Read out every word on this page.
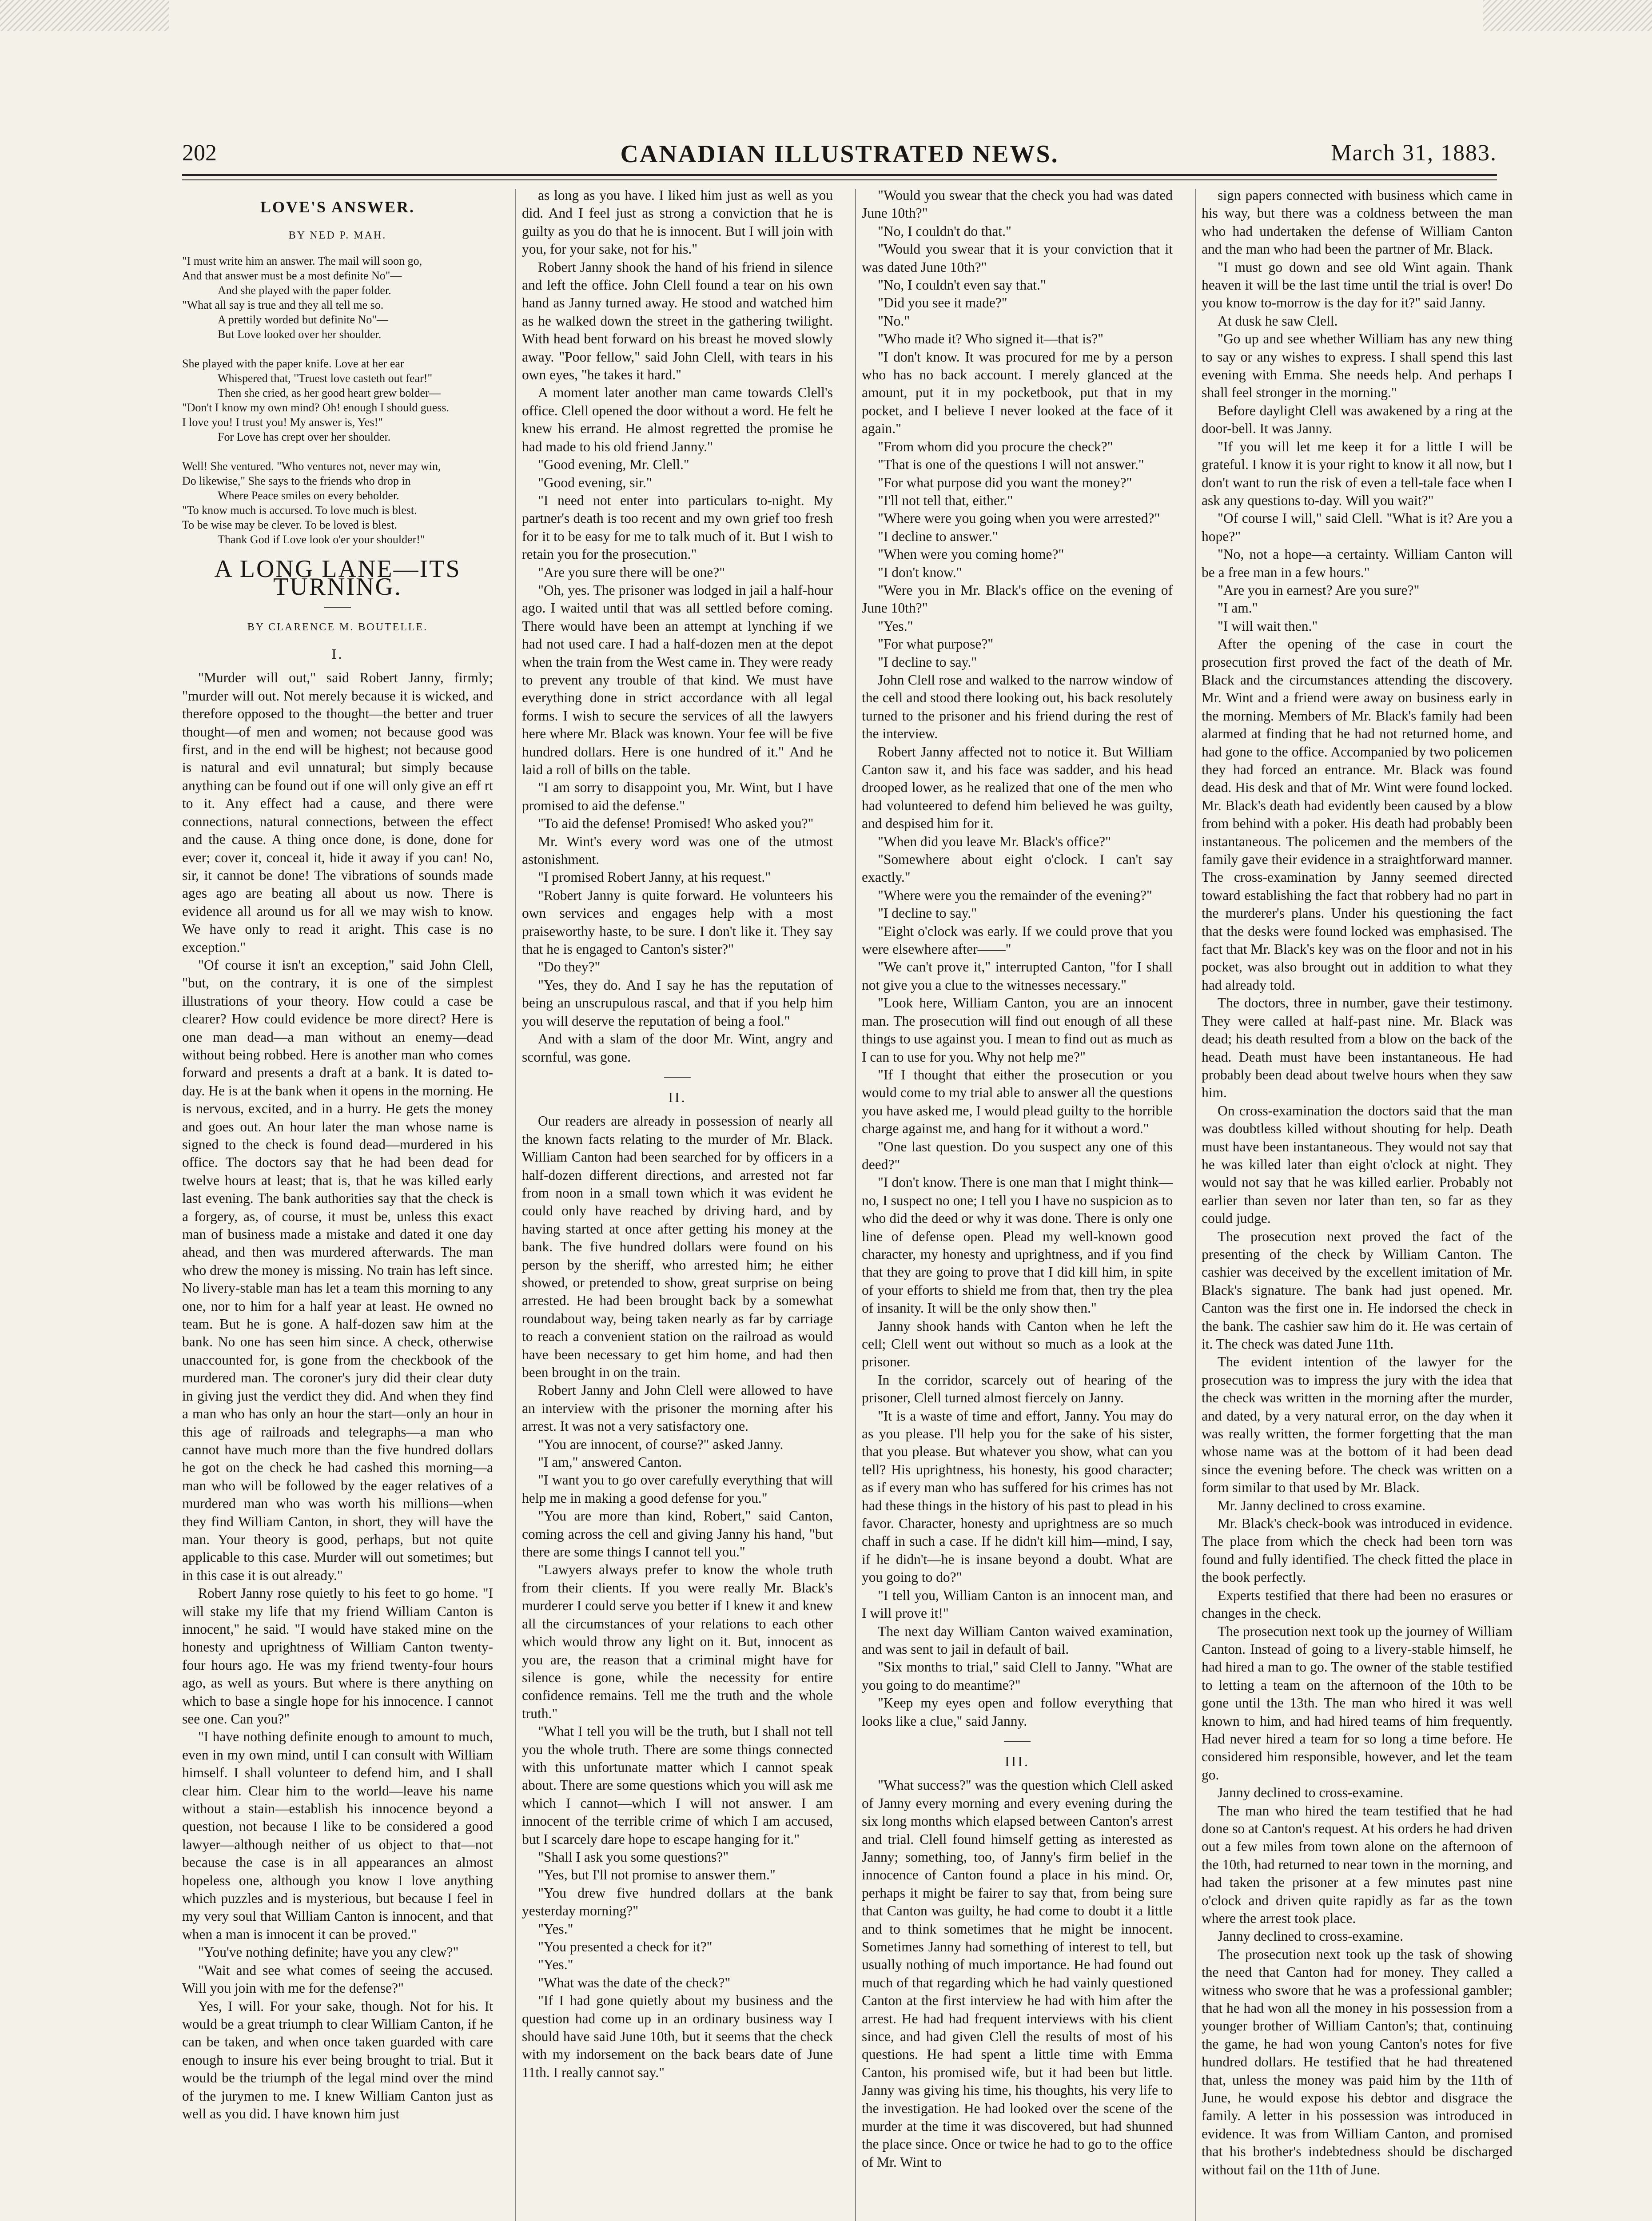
202	CANADIAN ILLUSTRATED NEWS.	March 31, 1883.
LOVE'S ANSWER.
BY NED P. MAH.
"I must write him an answer. The mail will soon go,
And that answer must be a most definite No"—
And she played with the paper folder.
"What all say is true and they all tell me so.
A prettily worded but definite No"—
But Love looked over her shoulder.

She played with the paper knife. Love at her ear
Whispered that, "Truest love casteth out fear!"
Then she cried, as her good heart grew bolder—
"Don't I know my own mind? Oh! enough I should guess.
I love you! I trust you! My answer is, Yes!"
For Love has crept over her shoulder.

Well! She ventured. "Who ventures not, never may win,
Do likewise," She says to the friends who drop in
Where Peace smiles on every beholder.
"To know much is accursed. To love much is blest.
To be wise may be clever. To be loved is blest.
Thank God if Love look o'er your shoulder!"
A LONG LANE—ITS TURNING.
BY CLARENCE M. BOUTELLE.
I.

"Murder will out," said Robert Janny, firmly; "murder will out. Not merely because it is wicked, and therefore opposed to the thought—the better and truer thought—of men and women; not because good was first, and in the end will be highest; not because good is natural and evil unnatural; but simply because anything can be found out if one will only give an eff rt to it. Any effect had a cause, and there were connections, natural connections, between the effect and the cause. A thing once done, is done, done for ever; cover it, conceal it, hide it away if you can! No, sir, it cannot be done! The vibrations of sounds made ages ago are beating all about us now. There is evidence all around us for all we may wish to know. We have only to read it aright. This case is no exception."

"Of course it isn't an exception," said John Clell, "but, on the contrary, it is one of the simplest illustrations of your theory. How could a case be clearer? How could evidence be more direct? Here is one man dead—a man without an enemy—dead without being robbed. Here is another man who comes forward and presents a draft at a bank. It is dated to-day. He is at the bank when it opens in the morning. He is nervous, excited, and in a hurry. He gets the money and goes out. An hour later the man whose name is signed to the check is found dead—murdered in his office. The doctors say that he had been dead for twelve hours at least; that is, that he was killed early last evening. The bank authorities say that the check is a forgery, as, of course, it must be, unless this exact man of business made a mistake and dated it one day ahead, and then was murdered afterwards. The man who drew the money is missing. No train has left since. No livery-stable man has let a team this morning to any one, nor to him for a half year at least. He owned no team. But he is gone. A half-dozen saw him at the bank. No one has seen him since. A check, otherwise unaccounted for, is gone from the checkbook of the murdered man. The coroner's jury did their clear duty in giving just the verdict they did. And when they find a man who has only an hour the start—only an hour in this age of railroads and telegraphs—a man who cannot have much more than the five hundred dollars he got on the check he had cashed this morning—a man who will be followed by the eager relatives of a murdered man who was worth his millions—when they find William Canton, in short, they will have the man. Your theory is good, perhaps, but not quite applicable to this case. Murder will out sometimes; but in this case it is out already."

Robert Janny rose quietly to his feet to go home. "I will stake my life that my friend William Canton is innocent," he said. "I would have staked mine on the honesty and uprightness of William Canton twenty-four hours ago. He was my friend twenty-four hours ago, as well as yours. But where is there anything on which to base a single hope for his innocence. I cannot see one. Can you?"

"I have nothing definite enough to amount to much, even in my own mind, until I can consult with William himself. I shall volunteer to defend him, and I shall clear him. Clear him to the world—leave his name without a stain—establish his innocence beyond a question, not because I like to be considered a good lawyer—although neither of us object to that—not because the case is in all appearances an almost hopeless one, although you know I love anything which puzzles and is mysterious, but because I feel in my very soul that William Canton is innocent, and that when a man is innocent it can be proved."

"You've nothing definite; have you any clew?"

"Wait and see what comes of seeing the accused. Will you join with me for the defense?"

Yes, I will. For your sake, though. Not for his. It would be a great triumph to clear William Canton, if he can be taken, and when once taken guarded with care enough to insure his ever being brought to trial. But it would be the triumph of the legal mind over the mind of the jurymen to me. I knew William Canton just as well as you did. I have known him just

as long as you have. I liked him just as well as you did. And I feel just as strong a conviction that he is guilty as you do that he is innocent. But I will join with you, for your sake, not for his."

Robert Janny shook the hand of his friend in silence and left the office. John Clell found a tear on his own hand as Janny turned away. He stood and watched him as he walked down the street in the gathering twilight. With head bent forward on his breast he moved slowly away. "Poor fellow," said John Clell, with tears in his own eyes, "he takes it hard."

A moment later another man came towards Clell's office. Clell opened the door without a word. He felt he knew his errand. He almost regretted the promise he had made to his old friend Janny."

"Good evening, Mr. Clell."

"Good evening, sir."

"I need not enter into particulars to-night. My partner's death is too recent and my own grief too fresh for it to be easy for me to talk much of it. But I wish to retain you for the prosecution."

"Are you sure there will be one?"

"Oh, yes. The prisoner was lodged in jail a half-hour ago. I waited until that was all settled before coming. There would have been an attempt at lynching if we had not used care. I had a half-dozen men at the depot when the train from the West came in. They were ready to prevent any trouble of that kind. We must have everything done in strict accordance with all legal forms. I wish to secure the services of all the lawyers here where Mr. Black was known. Your fee will be five hundred dollars. Here is one hundred of it." And he laid a roll of bills on the table.

"I am sorry to disappoint you, Mr. Wint, but I have promised to aid the defense."

"To aid the defense! Promised! Who asked you?"

Mr. Wint's every word was one of the utmost astonishment.

"I promised Robert Janny, at his request."

"Robert Janny is quite forward. He volunteers his own services and engages help with a most praiseworthy haste, to be sure. I don't like it. They say that he is engaged to Canton's sister?"

"Do they?"

"Yes, they do. And I say he has the reputation of being an unscrupulous rascal, and that if you help him you will deserve the reputation of being a fool."

And with a slam of the door Mr. Wint, angry and scornful, was gone.

II.

Our readers are already in possession of nearly all the known facts relating to the murder of Mr. Black. William Canton had been searched for by officers in a half-dozen different directions, and arrested not far from noon in a small town which it was evident he could only have reached by driving hard, and by having started at once after getting his money at the bank. The five hundred dollars were found on his person by the sheriff, who arrested him; he either showed, or pretended to show, great surprise on being arrested. He had been brought back by a somewhat roundabout way, being taken nearly as far by carriage to reach a convenient station on the railroad as would have been necessary to get him home, and had then been brought in on the train.

Robert Janny and John Clell were allowed to have an interview with the prisoner the morning after his arrest. It was not a very satisfactory one.

"You are innocent, of course?" asked Janny.

"I am," answered Canton.

"I want you to go over carefully everything that will help me in making a good defense for you."

"You are more than kind, Robert," said Canton, coming across the cell and giving Janny his hand, "but there are some things I cannot tell you."

"Lawyers always prefer to know the whole truth from their clients. If you were really Mr. Black's murderer I could serve you better if I knew it and knew all the circumstances of your relations to each other which would throw any light on it. But, innocent as you are, the reason that a criminal might have for silence is gone, while the necessity for entire confidence remains. Tell me the truth and the whole truth."

"What I tell you will be the truth, but I shall not tell you the whole truth. There are some things connected with this unfortunate matter which I cannot speak about. There are some questions which you will ask me which I cannot—which I will not answer. I am innocent of the terrible crime of which I am accused, but I scarcely dare hope to escape hanging for it."

"Shall I ask you some questions?"

"Yes, but I'll not promise to answer them."

"You drew five hundred dollars at the bank yesterday morning?"

"Yes."

"You presented a check for it?"

"Yes."

"What was the date of the check?"

"If I had gone quietly about my business and the question had come up in an ordinary business way I should have said June 10th, but it seems that the check with my indorsement on the back bears date of June 11th. I really cannot say."

"Would you swear that the check you had was dated June 10th?"

"No, I couldn't do that."

"Would you swear that it is your conviction that it was dated June 10th?"

"No, I couldn't even say that."

"Did you see it made?"

"No."

"Who made it? Who signed it—that is?"

"I don't know. It was procured for me by a person who has no back account. I merely glanced at the amount, put it in my pocketbook, put that in my pocket, and I believe I never looked at the face of it again."

"From whom did you procure the check?"

"That is one of the questions I will not answer."

"For what purpose did you want the money?"

"I'll not tell that, either."

"Where were you going when you were arrested?"

"I decline to answer."

"When were you coming home?"

"I don't know."

"Were you in Mr. Black's office on the evening of June 10th?"

"Yes."

"For what purpose?"

"I decline to say."

John Clell rose and walked to the narrow window of the cell and stood there looking out, his back resolutely turned to the prisoner and his friend during the rest of the interview.

Robert Janny affected not to notice it. But William Canton saw it, and his face was sadder, and his head drooped lower, as he realized that one of the men who had volunteered to defend him believed he was guilty, and despised him for it.

"When did you leave Mr. Black's office?"

"Somewhere about eight o'clock. I can't say exactly."

"Where were you the remainder of the evening?"

"I decline to say."

"Eight o'clock was early. If we could prove that you were elsewhere after——"

"We can't prove it," interrupted Canton, "for I shall not give you a clue to the witnesses necessary."

"Look here, William Canton, you are an innocent man. The prosecution will find out enough of all these things to use against you. I mean to find out as much as I can to use for you. Why not help me?"

"If I thought that either the prosecution or you would come to my trial able to answer all the questions you have asked me, I would plead guilty to the horrible charge against me, and hang for it without a word."

"One last question. Do you suspect any one of this deed?"

"I don't know. There is one man that I might think—no, I suspect no one; I tell you I have no suspicion as to who did the deed or why it was done. There is only one line of defense open. Plead my well-known good character, my honesty and uprightness, and if you find that they are going to prove that I did kill him, in spite of your efforts to shield me from that, then try the plea of insanity. It will be the only show then."

Janny shook hands with Canton when he left the cell; Clell went out without so much as a look at the prisoner.

In the corridor, scarcely out of hearing of the prisoner, Clell turned almost fiercely on Janny.

"It is a waste of time and effort, Janny. You may do as you please. I'll help you for the sake of his sister, that you please. But whatever you show, what can you tell? His uprightness, his honesty, his good character; as if every man who has suffered for his crimes has not had these things in the history of his past to plead in his favor. Character, honesty and uprightness are so much chaff in such a case. If he didn't kill him—mind, I say, if he didn't—he is insane beyond a doubt. What are you going to do?"

"I tell you, William Canton is an innocent man, and I will prove it!"

The next day William Canton waived examination, and was sent to jail in default of bail.

"Six months to trial," said Clell to Janny. "What are you going to do meantime?"

"Keep my eyes open and follow everything that looks like a clue," said Janny.

III.

"What success?" was the question which Clell asked of Janny every morning and every evening during the six long months which elapsed between Canton's arrest and trial. Clell found himself getting as interested as Janny; something, too, of Janny's firm belief in the innocence of Canton found a place in his mind. Or, perhaps it might be fairer to say that, from being sure that Canton was guilty, he had come to doubt it a little and to think sometimes that he might be innocent. Sometimes Janny had something of interest to tell, but usually nothing of much importance. He had found out much of that regarding which he had vainly questioned Canton at the first interview he had with him after the arrest. He had had frequent interviews with his client since, and had given Clell the results of most of his questions. He had spent a little time with Emma Canton, his promised wife, but it had been but little. Janny was giving his time, his thoughts, his very life to the investigation. He had looked over the scene of the murder at the time it was discovered, but had shunned the place since. Once or twice he had to go to the office of Mr. Wint to

sign papers connected with business which came in his way, but there was a coldness between the man who had undertaken the defense of William Canton and the man who had been the partner of Mr. Black.

"I must go down and see old Wint again. Thank heaven it will be the last time until the trial is over! Do you know to-morrow is the day for it?" said Janny.

At dusk he saw Clell.

"Go up and see whether William has any new thing to say or any wishes to express. I shall spend this last evening with Emma. She needs help. And perhaps I shall feel stronger in the morning."

Before daylight Clell was awakened by a ring at the door-bell. It was Janny.

"If you will let me keep it for a little I will be grateful. I know it is your right to know it all now, but I don't want to run the risk of even a tell-tale face when I ask any questions to-day. Will you wait?"

"Of course I will," said Clell. "What is it? Are you a hope?"

"No, not a hope—a certainty. William Canton will be a free man in a few hours."

"Are you in earnest? Are you sure?"

"I am."

"I will wait then."

After the opening of the case in court the prosecution first proved the fact of the death of Mr. Black and the circumstances attending the discovery. Mr. Wint and a friend were away on business early in the morning. Members of Mr. Black's family had been alarmed at finding that he had not returned home, and had gone to the office. Accompanied by two policemen they had forced an entrance. Mr. Black was found dead. His desk and that of Mr. Wint were found locked. Mr. Black's death had evidently been caused by a blow from behind with a poker. His death had probably been instantaneous. The policemen and the members of the family gave their evidence in a straightforward manner. The cross-examination by Janny seemed directed toward establishing the fact that robbery had no part in the murderer's plans. Under his questioning the fact that the desks were found locked was emphasised. The fact that Mr. Black's key was on the floor and not in his pocket, was also brought out in addition to what they had already told.

The doctors, three in number, gave their testimony. They were called at half-past nine. Mr. Black was dead; his death resulted from a blow on the back of the head. Death must have been instantaneous. He had probably been dead about twelve hours when they saw him.

On cross-examination the doctors said that the man was doubtless killed without shouting for help. Death must have been instantaneous. They would not say that he was killed later than eight o'clock at night. They would not say that he was killed earlier. Probably not earlier than seven nor later than ten, so far as they could judge.

The prosecution next proved the fact of the presenting of the check by William Canton. The cashier was deceived by the excellent imitation of Mr. Black's signature. The bank had just opened. Mr. Canton was the first one in. He indorsed the check in the bank. The cashier saw him do it. He was certain of it. The check was dated June 11th.

The evident intention of the lawyer for the prosecution was to impress the jury with the idea that the check was written in the morning after the murder, and dated, by a very natural error, on the day when it was really written, the former forgetting that the man whose name was at the bottom of it had been dead since the evening before. The check was written on a form similar to that used by Mr. Black.

Mr. Janny declined to cross examine.

Mr. Black's check-book was introduced in evidence. The place from which the check had been torn was found and fully identified. The check fitted the place in the book perfectly.

Experts testified that there had been no erasures or changes in the check.

The prosecution next took up the journey of William Canton. Instead of going to a livery-stable himself, he had hired a man to go. The owner of the stable testified to letting a team on the afternoon of the 10th to be gone until the 13th. The man who hired it was well known to him, and had hired teams of him frequently. Had never hired a team for so long a time before. He considered him responsible, however, and let the team go.

Janny declined to cross-examine.

The man who hired the team testified that he had done so at Canton's request. At his orders he had driven out a few miles from town alone on the afternoon of the 10th, had returned to near town in the morning, and had taken the prisoner at a few minutes past nine o'clock and driven quite rapidly as far as the town where the arrest took place.

Janny declined to cross-examine.

The prosecution next took up the task of showing the need that Canton had for money. They called a witness who swore that he was a professional gambler; that he had won all the money in his possession from a younger brother of William Canton's; that, continuing the game, he had won young Canton's notes for five hundred dollars. He testified that he had threatened that, unless the money was paid him by the 11th of June, he would expose his debtor and disgrace the family. A letter in his possession was introduced in evidence. It was from William Canton, and promised that his brother's indebtedness should be discharged without fail on the 11th of June.
